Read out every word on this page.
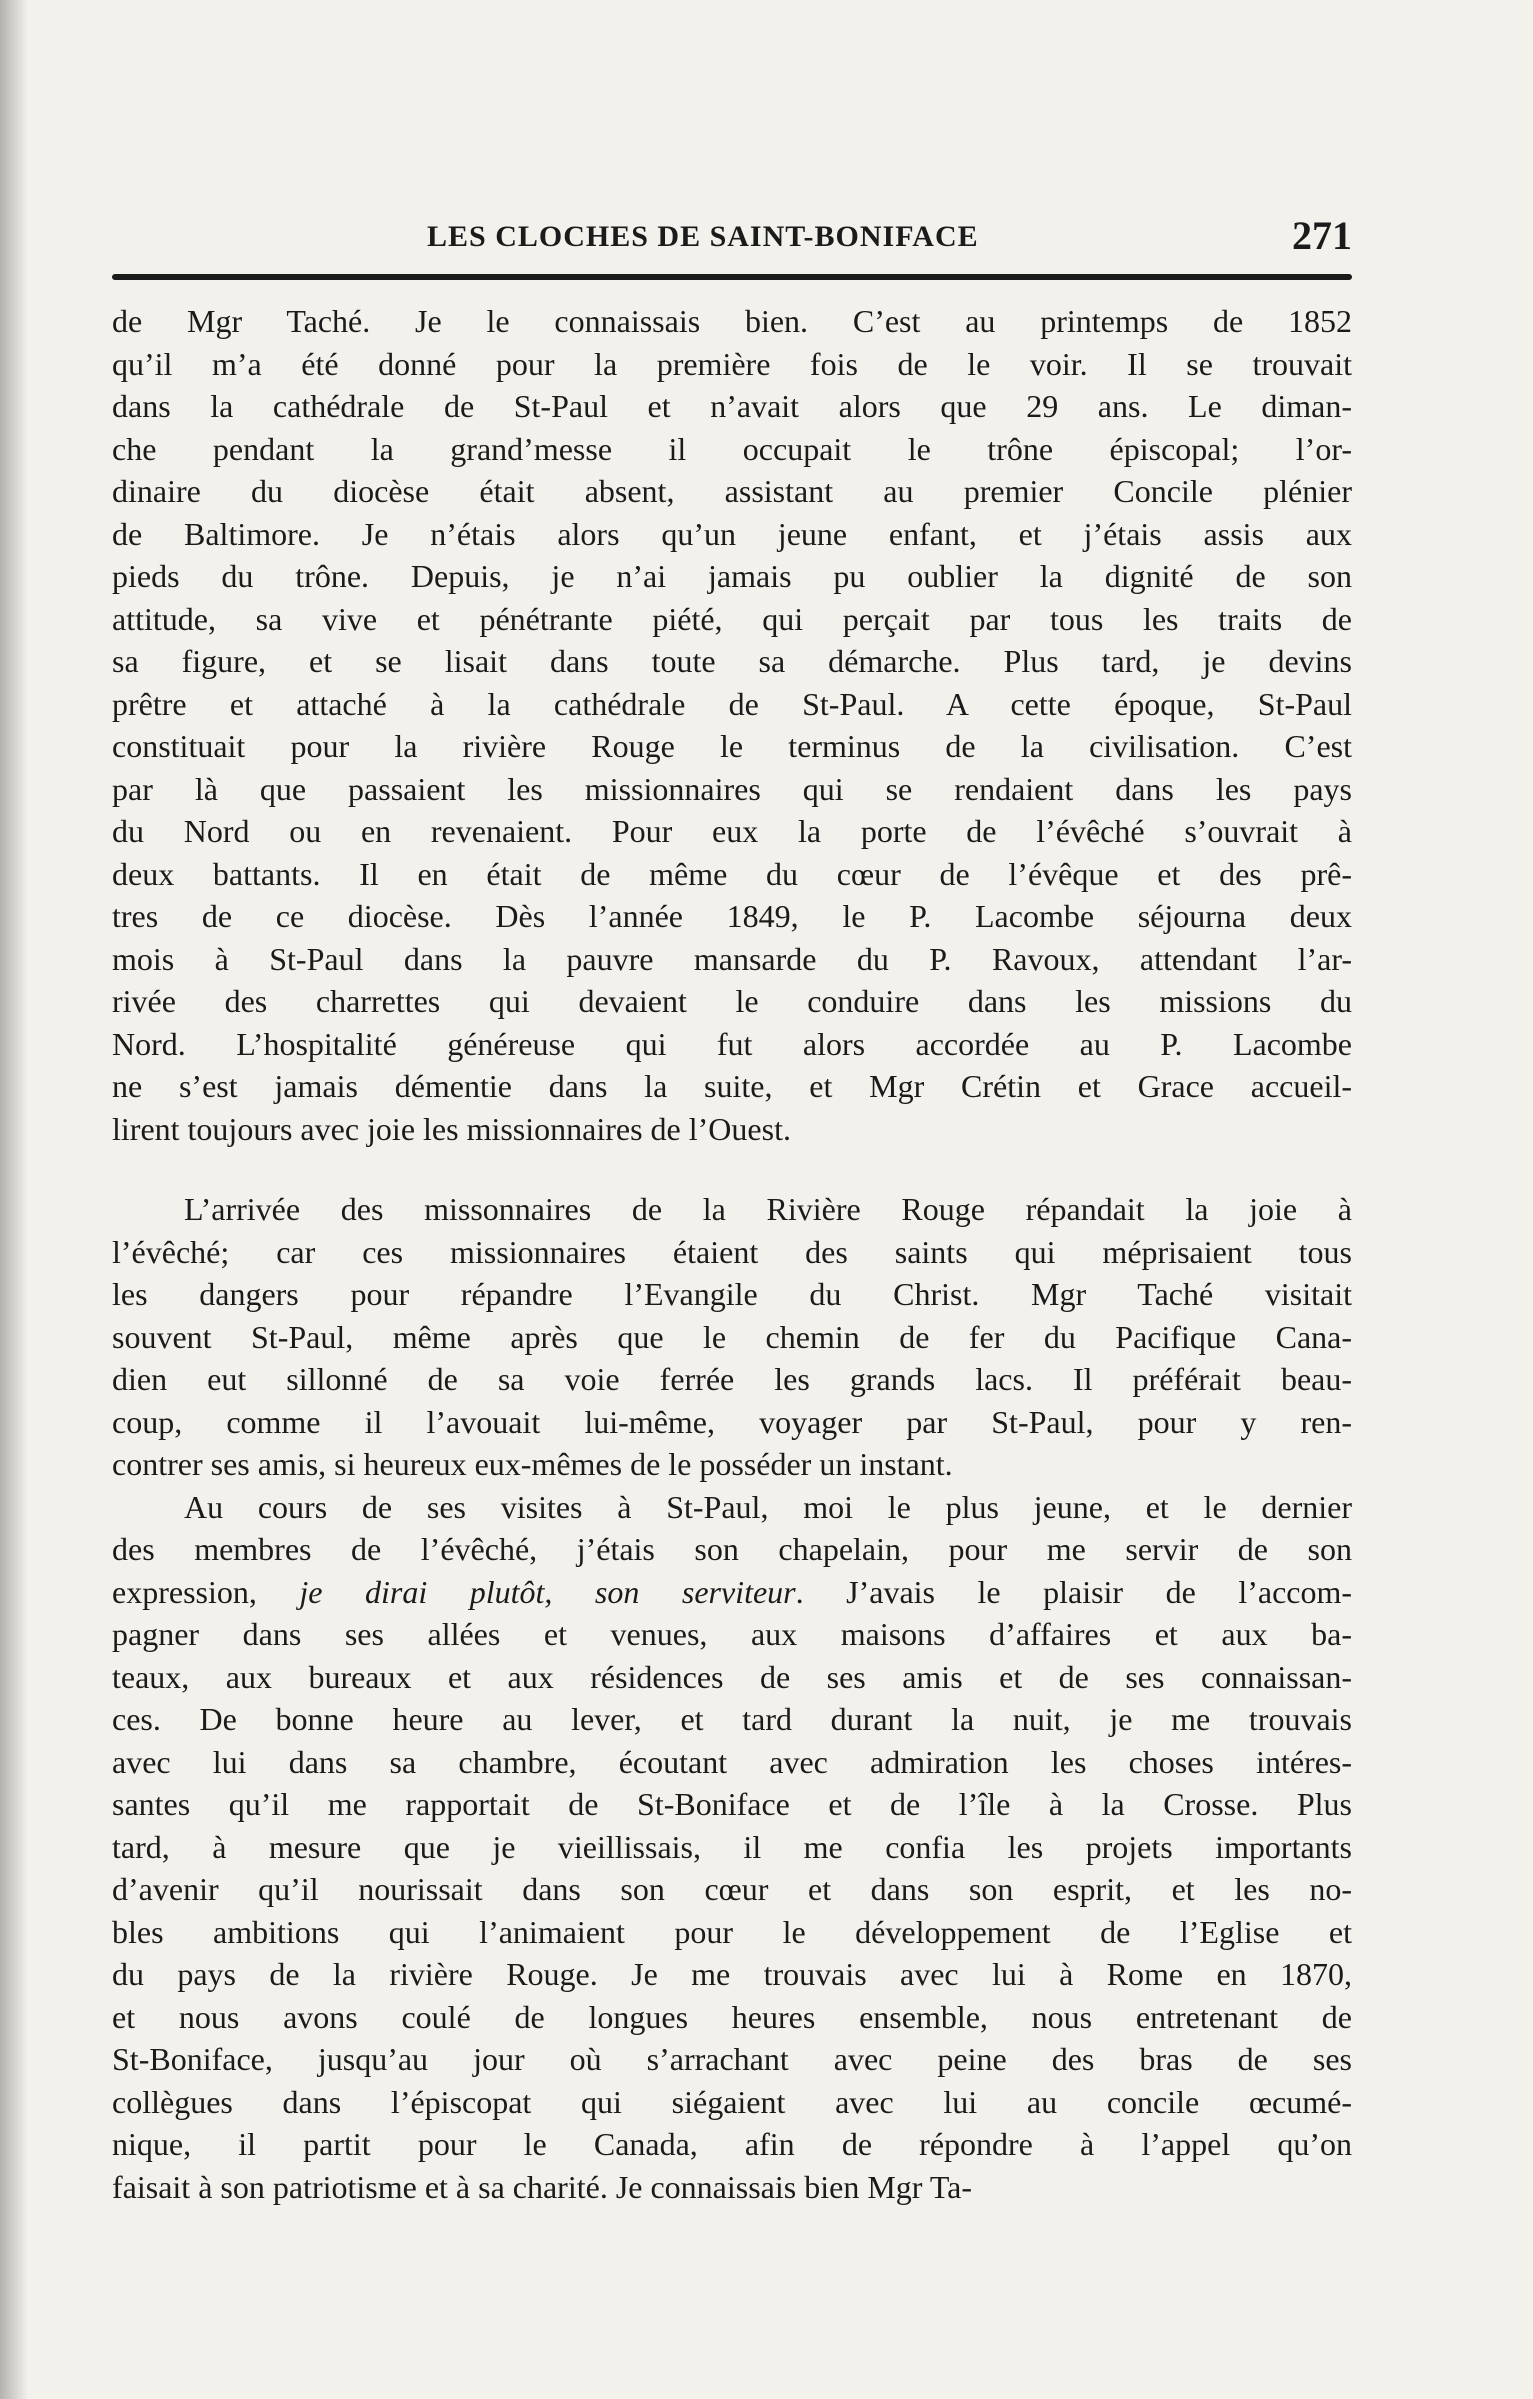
LES CLOCHES DE SAINT-BONIFACE	271
de Mgr Taché. Je le connaissais bien. C’est au printemps de 1852
qu’il m’a été donné pour la première fois de le voir. Il se trouvait
dans la cathédrale de St-Paul et n’avait alors que 29 ans. Le diman-
che pendant la grand’messe il occupait le trône épiscopal; l’or-
dinaire du diocèse était absent, assistant au premier Concile plénier
de Baltimore. Je n’étais alors qu’un jeune enfant, et j’étais assis aux
pieds du trône. Depuis, je n’ai jamais pu oublier la dignité de son
attitude, sa vive et pénétrante piété, qui perçait par tous les traits de
sa figure, et se lisait dans toute sa démarche. Plus tard, je devins
prêtre et attaché à la cathédrale de St-Paul. A cette époque, St-Paul
constituait pour la rivière Rouge le terminus de la civilisation. C’est
par là que passaient les missionnaires qui se rendaient dans les pays
du Nord ou en revenaient. Pour eux la porte de l’évêché s’ouvrait à
deux battants. Il en était de même du cœur de l’évêque et des prê-
tres de ce diocèse. Dès l’année 1849, le P. Lacombe séjourna deux
mois à St-Paul dans la pauvre mansarde du P. Ravoux, attendant l’ar-
rivée des charrettes qui devaient le conduire dans les missions du
Nord. L’hospitalité généreuse qui fut alors accordée au P. Lacombe
ne s’est jamais démentie dans la suite, et Mgr Crétin et Grace accueil-
lirent toujours avec joie les missionnaires de l’Ouest.
L’arrivée des missonnaires de la Rivière Rouge répandait la joie à
l’évêché; car ces missionnaires étaient des saints qui méprisaient tous
les dangers pour répandre l’Evangile du Christ. Mgr Taché visitait
souvent St-Paul, même après que le chemin de fer du Pacifique Cana-
dien eut sillonné de sa voie ferrée les grands lacs. Il préférait beau-
coup, comme il l’avouait lui-même, voyager par St-Paul, pour y ren-
contrer ses amis, si heureux eux-mêmes de le posséder un instant.
Au cours de ses visites à St-Paul, moi le plus jeune, et le dernier
des membres de l’évêché, j’étais son chapelain, pour me servir de son
expression, je dirai plutôt, son serviteur. J’avais le plaisir de l’accom-
pagner dans ses allées et venues, aux maisons d’affaires et aux ba-
teaux, aux bureaux et aux résidences de ses amis et de ses connaissan-
ces. De bonne heure au lever, et tard durant la nuit, je me trouvais
avec lui dans sa chambre, écoutant avec admiration les choses intéres-
santes qu’il me rapportait de St-Boniface et de l’île à la Crosse. Plus
tard, à mesure que je vieillissais, il me confia les projets importants
d’avenir qu’il nourissait dans son cœur et dans son esprit, et les no-
bles ambitions qui l’animaient pour le développement de l’Eglise et
du pays de la rivière Rouge. Je me trouvais avec lui à Rome en 1870,
et nous avons coulé de longues heures ensemble, nous entretenant de
St-Boniface, jusqu’au jour où s’arrachant avec peine des bras de ses
collègues dans l’épiscopat qui siégaient avec lui au concile œcumé-
nique, il partit pour le Canada, afin de répondre à l’appel qu’on
faisait à son patriotisme et à sa charité. Je connaissais bien Mgr Ta-
